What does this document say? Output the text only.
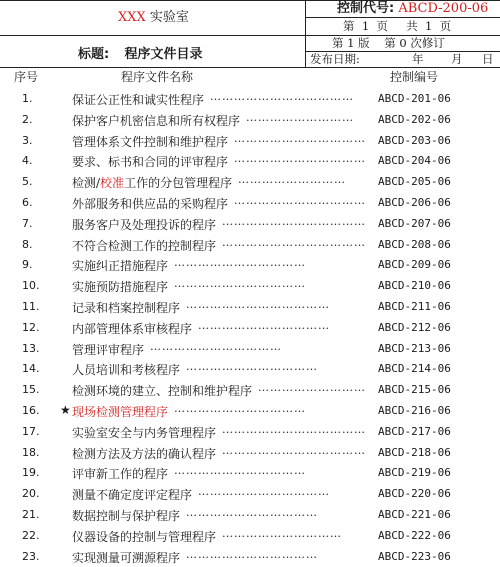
XXX 实验室
控制代号: ABCD-200-06
第 1 页 共 1 页
标题: 程序文件目录
第 1 版 第 0 次修订
发布日期:	年 月 日
序号	程序文件名称	控制编号
1.	保证公正性和诚实性程序 ………………………………	ABCD-201-06
2.	保护客户机密信息和所有权程序 ………………………	ABCD-202-06
3.	管理体系文件控制和维护程序 ……………………………	ABCD-203-06
4.	要求、标书和合同的评审程序 ……………………………	ABCD-204-06
5.	检测/校准工作的分包管理程序 ………………………	ABCD-205-06
6.	外部服务和供应品的采购程序 ……………………………	ABCD-206-06
7.	服务客户及处理投诉的程序 ………………………………	ABCD-207-06
8.	不符合检测工作的控制程序 ………………………………	ABCD-208-06
9.	实施纠正措施程序 ……………………………	ABCD-209-06
10.	实施预防措施程序 ……………………………	ABCD-210-06
11.	记录和档案控制程序 ………………………………	ABCD-211-06
12.	内部管理体系审核程序 ……………………………	ABCD-212-06
13.	管理评审程序 ……………………………	ABCD-213-06
14.	人员培训和考核程序 ……………………………	ABCD-214-06
15.	检测环境的建立、控制和维护程序 ………………………	ABCD-215-06
16. ★ 现场检测管理程序 ……………………………	ABCD-216-06
17.	实验室安全与内务管理程序 ………………………………	ABCD-217-06
18.	检测方法及方法的确认程序 ………………………………	ABCD-218-06
19.	评审新工作的程序 ……………………………	ABCD-219-06
20.	测量不确定度评定程序 ……………………………	ABCD-220-06
21.	数据控制与保护程序 ……………………………	ABCD-221-06
22.	仪器设备的控制与管理程序 …………………………	ABCD-222-06
23.	实现测量可溯源程序 ……………………………	ABCD-223-06
